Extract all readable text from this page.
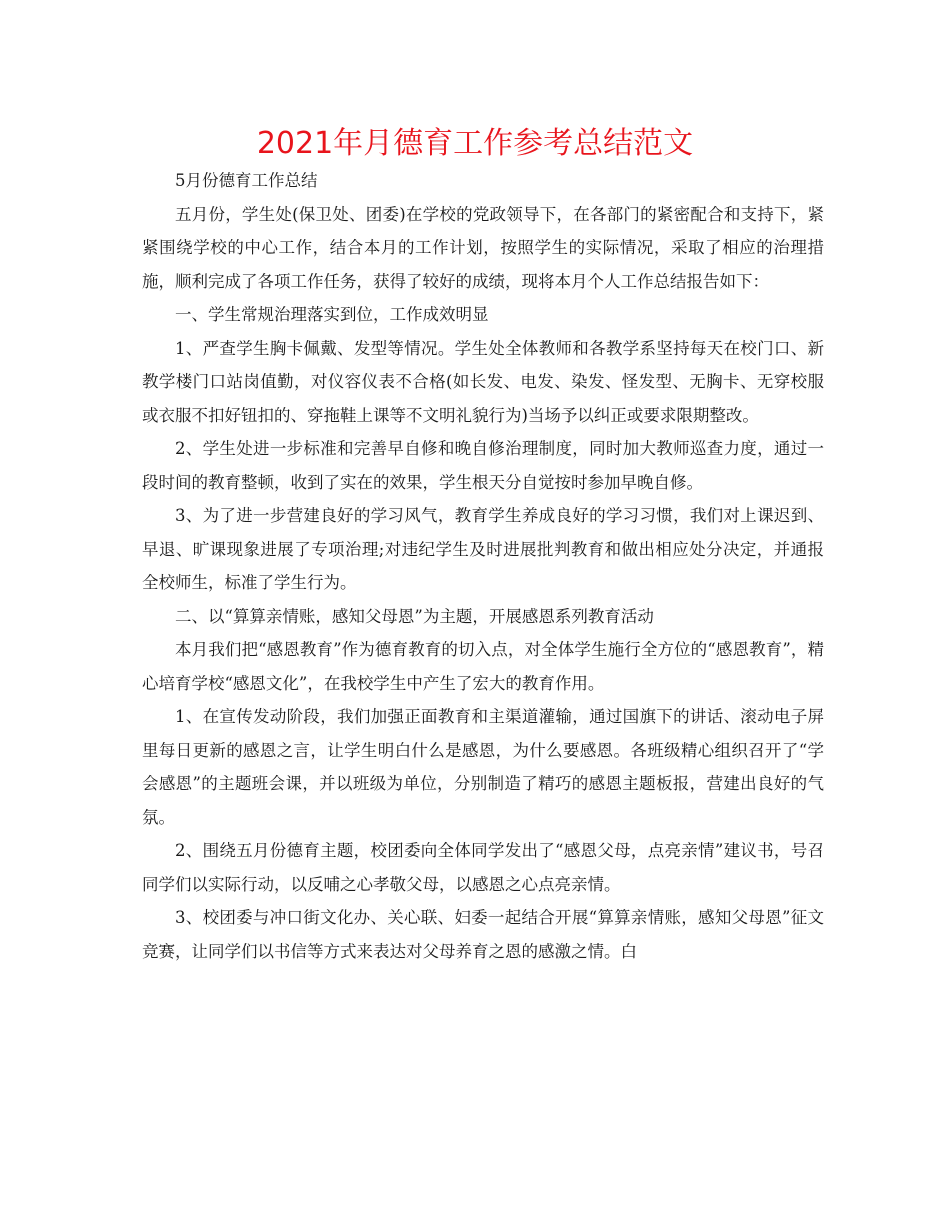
2021年月德育工作参考总结范文

5月份德育工作总结

五月份，学生处(保卫处、团委)在学校的党政领导下，在各部门的紧密配合和支持下，紧紧围绕学校的中心工作，结合本月的工作计划，按照学生的实际情况，采取了相应的治理措施，顺利完成了各项工作任务，获得了较好的成绩，现将本月个人工作总结报告如下：

一、学生常规治理落实到位，工作成效明显

1、严查学生胸卡佩戴、发型等情况。学生处全体教师和各教学系坚持每天在校门口、新教学楼门口站岗值勤，对仪容仪表不合格(如长发、电发、染发、怪发型、无胸卡、无穿校服或衣服不扣好钮扣的、穿拖鞋上课等不文明礼貌行为)当场予以纠正或要求限期整改。

2、学生处进一步标准和完善早自修和晚自修治理制度，同时加大教师巡查力度，通过一段时间的教育整顿，收到了实在的效果，学生根天分自觉按时参加早晚自修。

3、为了进一步营建良好的学习风气，教育学生养成良好的学习习惯，我们对上课迟到、早退、旷课现象进展了专项治理;对违纪学生及时进展批判教育和做出相应处分决定，并通报全校师生，标准了学生行为。

二、以“算算亲情账，感知父母恩”为主题，开展感恩系列教育活动

本月我们把“感恩教育”作为德育教育的切入点，对全体学生施行全方位的“感恩教育”，精心培育学校“感恩文化”，在我校学生中产生了宏大的教育作用。

1、在宣传发动阶段，我们加强正面教育和主渠道灌输，通过国旗下的讲话、滚动电子屏里每日更新的感恩之言，让学生明白什么是感恩，为什么要感恩。各班级精心组织召开了“学会感恩”的主题班会课，并以班级为单位，分别制造了精巧的感恩主题板报，营建出良好的气氛。

2、围绕五月份德育主题，校团委向全体同学发出了“感恩父母，点亮亲情”建议书，号召同学们以实际行动，以反哺之心孝敬父母，以感恩之心点亮亲情。

3、校团委与冲口街文化办、关心联、妇委一起结合开展“算算亲情账，感知父母恩”征文竞赛，让同学们以书信等方式来表达对父母养育之恩的感激之情。白
